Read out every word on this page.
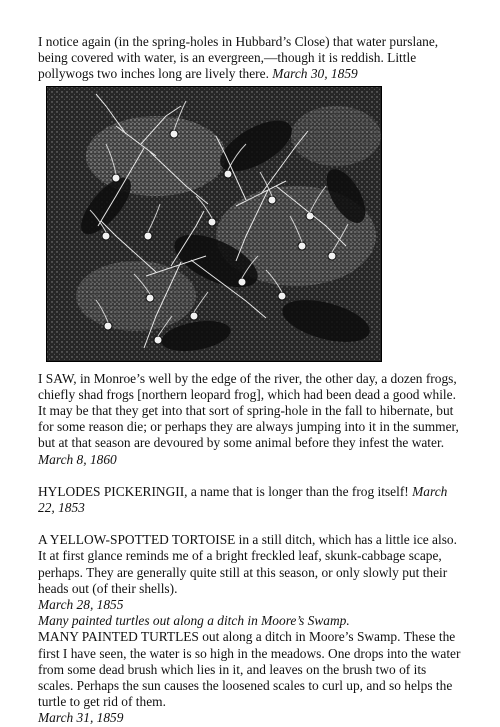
I notice again (in the spring-holes in Hubbard’s Close) that water purslane, being covered with water, is an evergreen,—though it is reddish. Little pollywogs two inches long are lively there. March 30, 1859

I SAW, in Monroe’s well by the edge of the river, the other day, a dozen frogs, chiefly shad frogs [northern leopard frog], which had been dead a good while. It may be that they get into that sort of spring-hole in the fall to hibernate, but for some reason die; or perhaps they are always jumping into it in the summer, but at that season are devoured by some animal before they infest the water. March 8, 1860

HYLODES PICKERINGII, a name that is longer than the frog itself! March 22, 1853

A YELLOW-SPOTTED TORTOISE in a still ditch, which has a little ice also. It at first glance reminds me of a bright freckled leaf, skunk-cabbage scape, perhaps. They are generally quite still at this season, or only slowly put their heads out (of their shells).

March 28, 1855

Many painted turtles out along a ditch in Moore’s Swamp.

MANY PAINTED TURTLES out along a ditch in Moore’s Swamp. These the first I have seen, the water is so high in the meadows. One drops into the water from some dead brush which lies in it, and leaves on the brush two of its scales. Perhaps the sun causes the loosened scales to curl up, and so helps the turtle to get rid of them.

March 31, 1859
